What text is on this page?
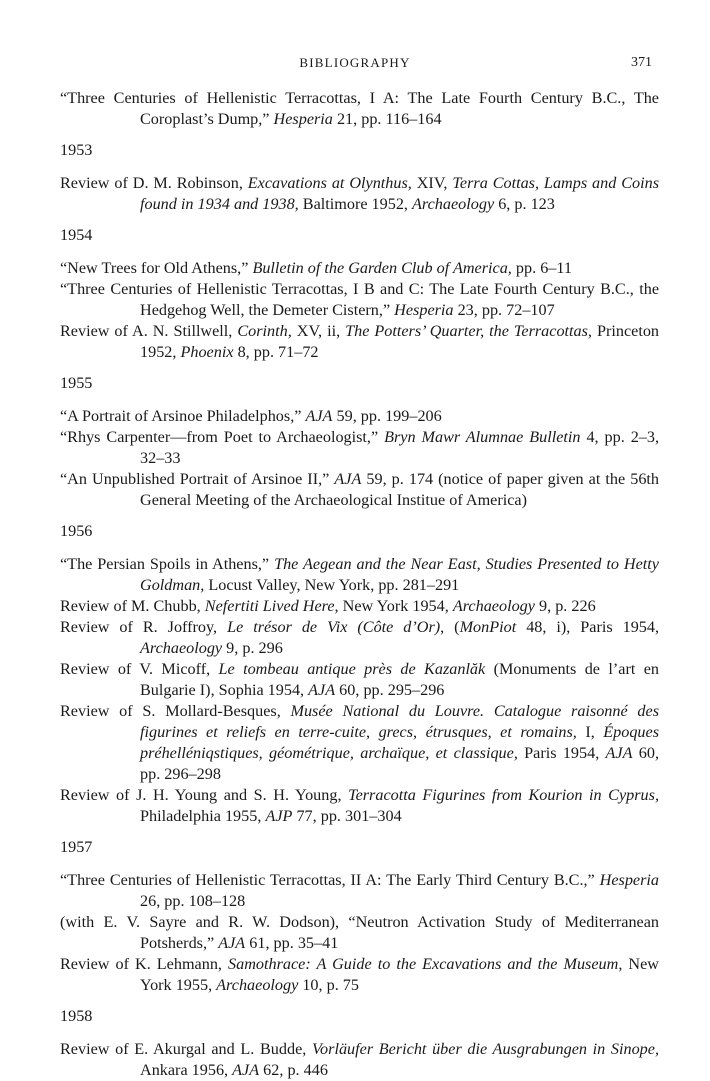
BIBLIOGRAPHY	371

“Three Centuries of Hellenistic Terracottas, I A: The Late Fourth Century B.C., The Coroplast’s Dump,” Hesperia 21, pp. 116–164

1953

Review of D. M. Robinson, Excavations at Olynthus, XIV, Terra Cottas, Lamps and Coins found in 1934 and 1938, Baltimore 1952, Archaeology 6, p. 123

1954

“New Trees for Old Athens,” Bulletin of the Garden Club of America, pp. 6–11

“Three Centuries of Hellenistic Terracottas, I B and C: The Late Fourth Century B.C., the Hedgehog Well, the Demeter Cistern,” Hesperia 23, pp. 72–107

Review of A. N. Stillwell, Corinth, XV, ii, The Potters’ Quarter, the Terracottas, Princeton 1952, Phoenix 8, pp. 71–72

1955

“A Portrait of Arsinoe Philadelphos,” AJA 59, pp. 199–206

“Rhys Carpenter—from Poet to Archaeologist,” Bryn Mawr Alumnae Bulletin 4, pp. 2–3, 32–33

“An Unpublished Portrait of Arsinoe II,” AJA 59, p. 174 (notice of paper given at the 56th General Meeting of the Archaeological Institue of America)

1956

“The Persian Spoils in Athens,” The Aegean and the Near East, Studies Presented to Hetty Goldman, Locust Valley, New York, pp. 281–291

Review of M. Chubb, Nefertiti Lived Here, New York 1954, Archaeology 9, p. 226

Review of R. Joffroy, Le trésor de Vix (Côte d’Or), (MonPiot 48, i), Paris 1954, Archaeology 9, p. 296

Review of V. Micoff, Le tombeau antique près de Kazanlăk (Monuments de l’art en Bulgarie I), Sophia 1954, AJA 60, pp. 295–296

Review of S. Mollard-Besques, Musée National du Louvre. Catalogue raisonné des figurines et reliefs en terre-cuite, grecs, étrusques, et romains, I, Époques préhelléniqstiques, géométrique, archaïque, et classique, Paris 1954, AJA 60, pp. 296–298

Review of J. H. Young and S. H. Young, Terracotta Figurines from Kourion in Cyprus, Philadelphia 1955, AJP 77, pp. 301–304

1957

“Three Centuries of Hellenistic Terracottas, II A: The Early Third Century B.C.,” Hesperia 26, pp. 108–128

(with E. V. Sayre and R. W. Dodson), “Neutron Activation Study of Mediterranean Potsherds,” AJA 61, pp. 35–41

Review of K. Lehmann, Samothrace: A Guide to the Excavations and the Museum, New York 1955, Archaeology 10, p. 75

1958

Review of E. Akurgal and L. Budde, Vorläufer Bericht über die Ausgrabungen in Sinope, Ankara 1956, AJA 62, p. 446
